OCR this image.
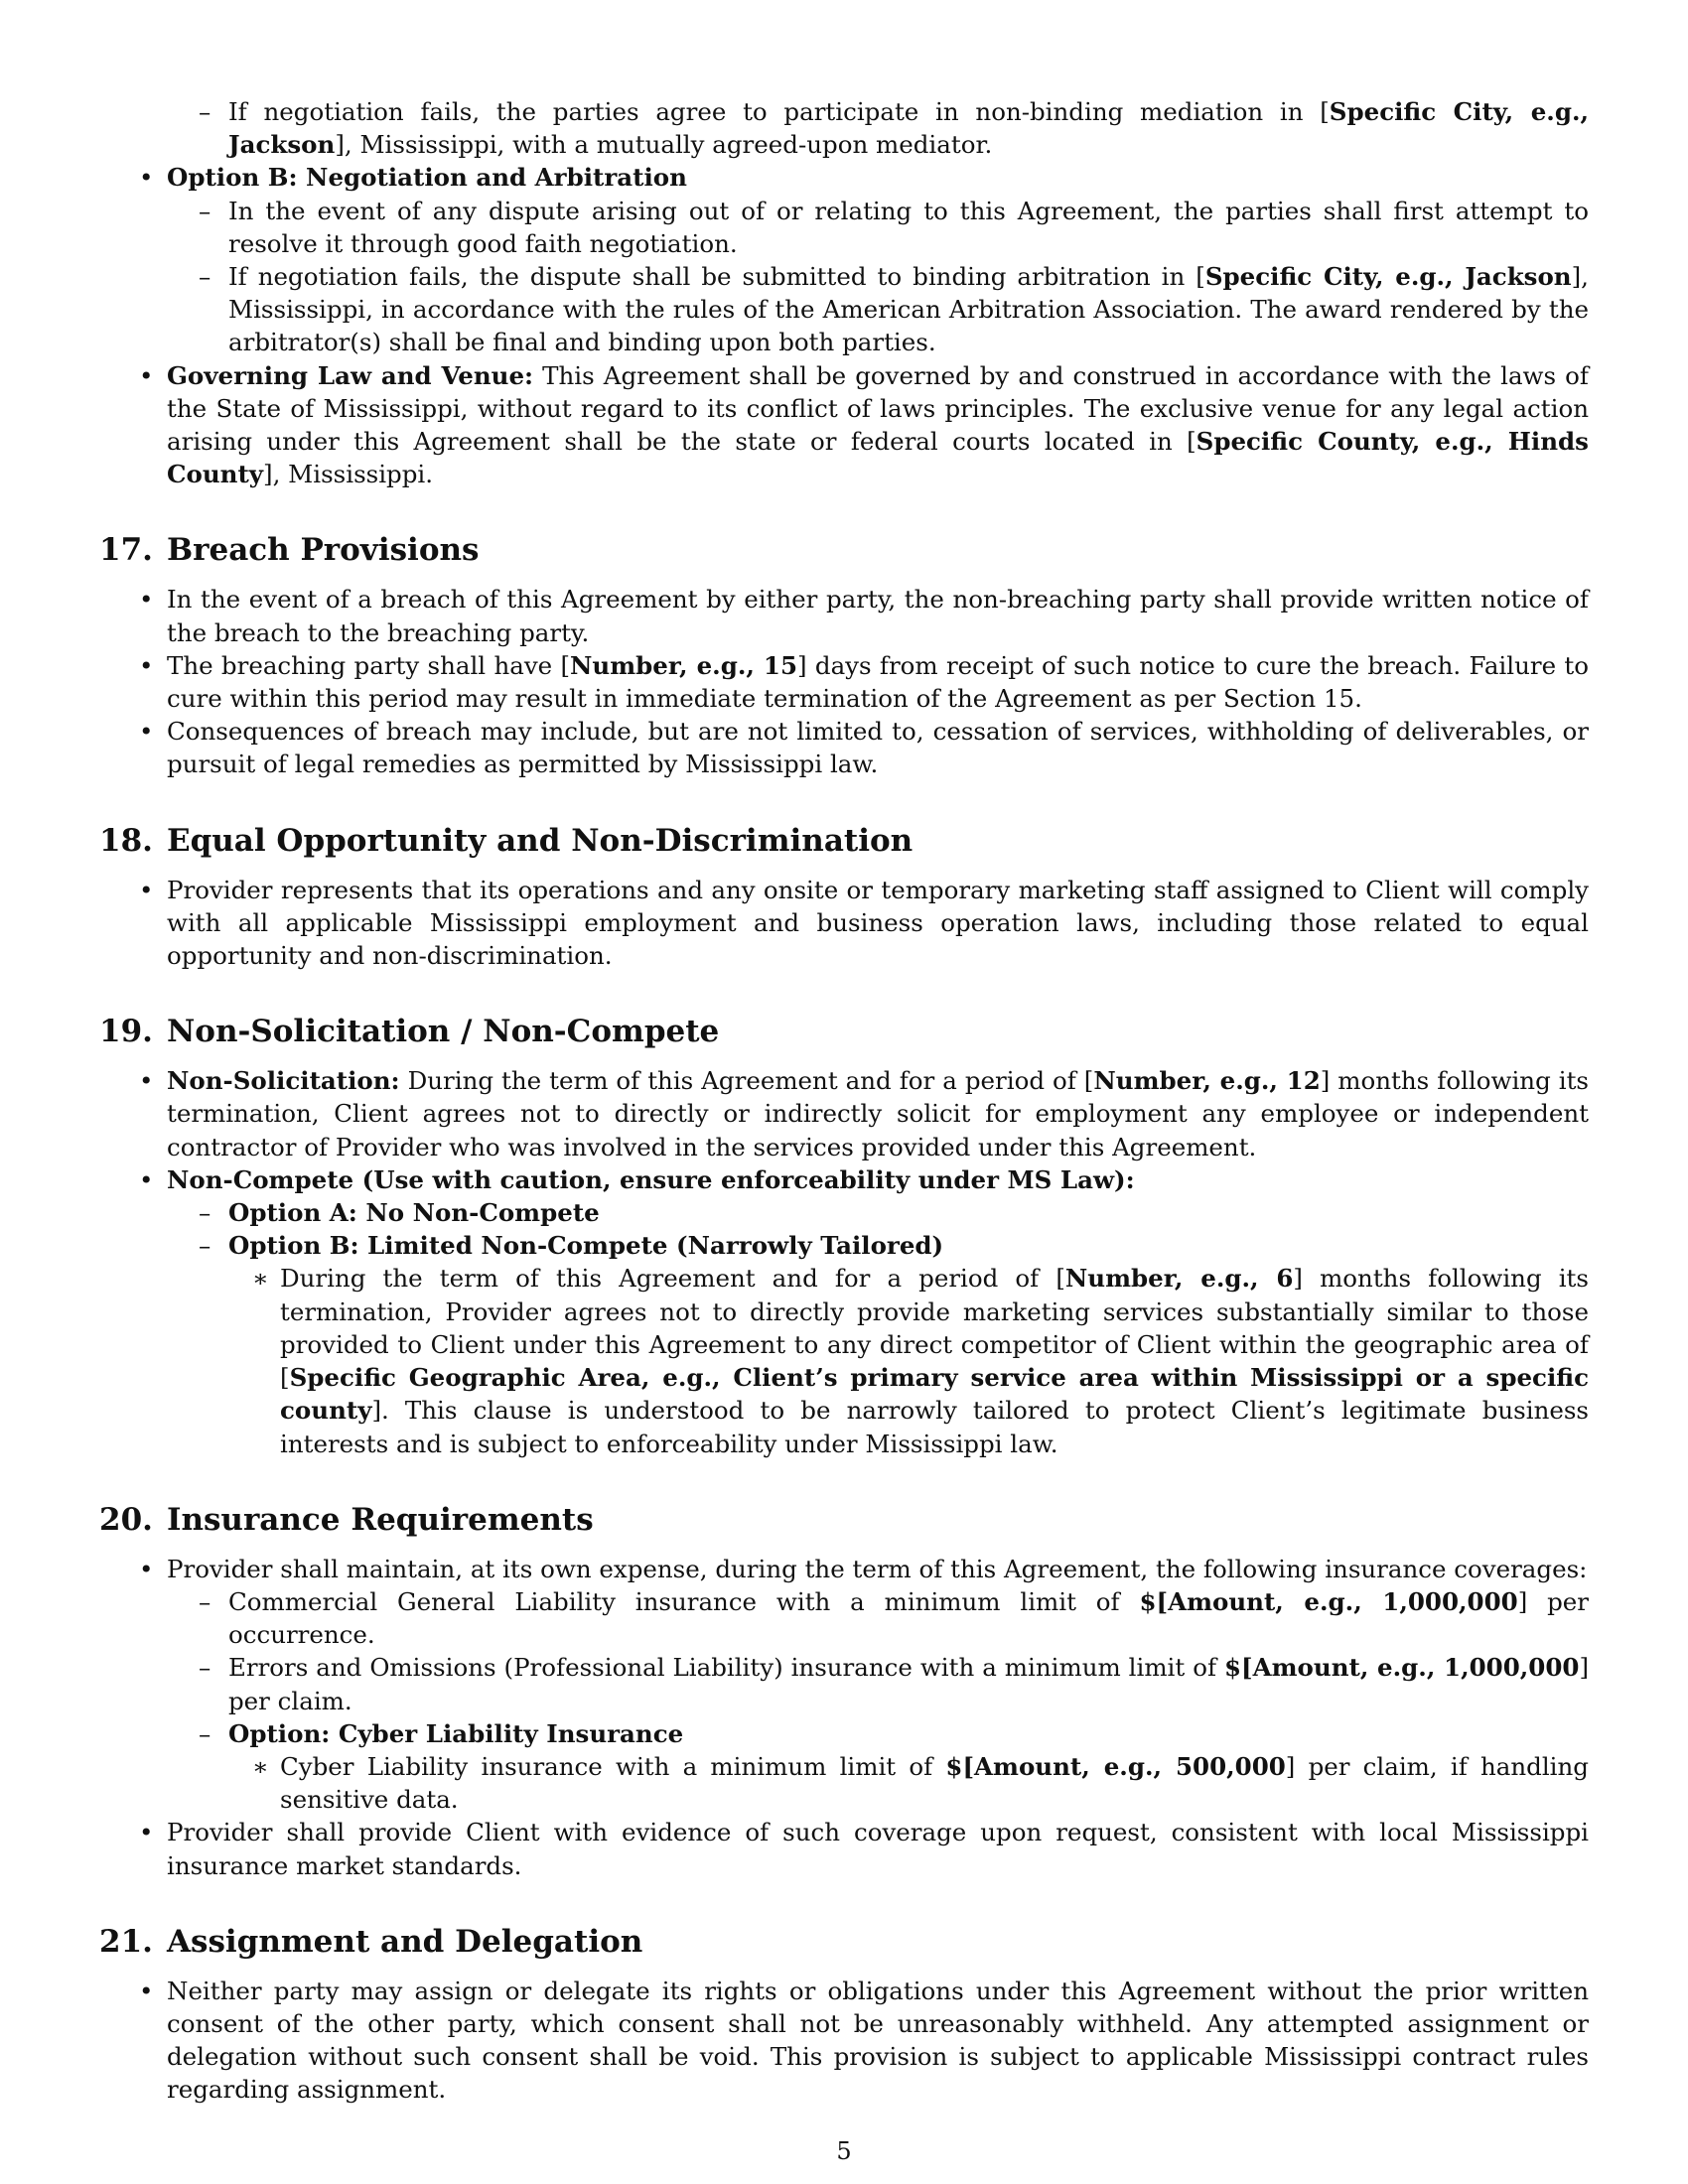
– If negotiation fails, the parties agree to participate in non-binding mediation in [Specific City, e.g., Jackson], Mississippi, with a mutually agreed-upon mediator.
• Option B: Negotiation and Arbitration
– In the event of any dispute arising out of or relating to this Agreement, the parties shall first attempt to resolve it through good faith negotiation.
– If negotiation fails, the dispute shall be submitted to binding arbitration in [Specific City, e.g., Jackson], Mississippi, in accordance with the rules of the American Arbitration Association. The award rendered by the arbitrator(s) shall be final and binding upon both parties.
• Governing Law and Venue: This Agreement shall be governed by and construed in accordance with the laws of the State of Mississippi, without regard to its conflict of laws principles. The exclusive venue for any legal action arising under this Agreement shall be the state or federal courts located in [Specific County, e.g., Hinds County], Mississippi.
17. Breach Provisions
• In the event of a breach of this Agreement by either party, the non-breaching party shall provide written notice of the breach to the breaching party.
• The breaching party shall have [Number, e.g., 15] days from receipt of such notice to cure the breach. Failure to cure within this period may result in immediate termination of the Agreement as per Section 15.
• Consequences of breach may include, but are not limited to, cessation of services, withholding of deliverables, or pursuit of legal remedies as permitted by Mississippi law.
18. Equal Opportunity and Non-Discrimination
• Provider represents that its operations and any onsite or temporary marketing staff assigned to Client will comply with all applicable Mississippi employment and business operation laws, including those related to equal opportunity and non-discrimination.
19. Non-Solicitation / Non-Compete
• Non-Solicitation: During the term of this Agreement and for a period of [Number, e.g., 12] months following its termination, Client agrees not to directly or indirectly solicit for employment any employee or independent contractor of Provider who was involved in the services provided under this Agreement.
• Non-Compete (Use with caution, ensure enforceability under MS Law):
– Option A: No Non-Compete
– Option B: Limited Non-Compete (Narrowly Tailored)
∗ During the term of this Agreement and for a period of [Number, e.g., 6] months following its termination, Provider agrees not to directly provide marketing services substantially similar to those provided to Client under this Agreement to any direct competitor of Client within the geographic area of [Specific Geographic Area, e.g., Client’s primary service area within Mississippi or a specific county]. This clause is understood to be narrowly tailored to protect Client’s legitimate business interests and is subject to enforceability under Mississippi law.
20. Insurance Requirements
• Provider shall maintain, at its own expense, during the term of this Agreement, the following insurance coverages:
– Commercial General Liability insurance with a minimum limit of $[Amount, e.g., 1,000,000] per occurrence.
– Errors and Omissions (Professional Liability) insurance with a minimum limit of $[Amount, e.g., 1,000,000] per claim.
– Option: Cyber Liability Insurance
∗ Cyber Liability insurance with a minimum limit of $[Amount, e.g., 500,000] per claim, if handling sensitive data.
• Provider shall provide Client with evidence of such coverage upon request, consistent with local Mississippi insurance market standards.
21. Assignment and Delegation
• Neither party may assign or delegate its rights or obligations under this Agreement without the prior written consent of the other party, which consent shall not be unreasonably withheld. Any attempted assignment or delegation without such consent shall be void. This provision is subject to applicable Mississippi contract rules regarding assignment.
5
